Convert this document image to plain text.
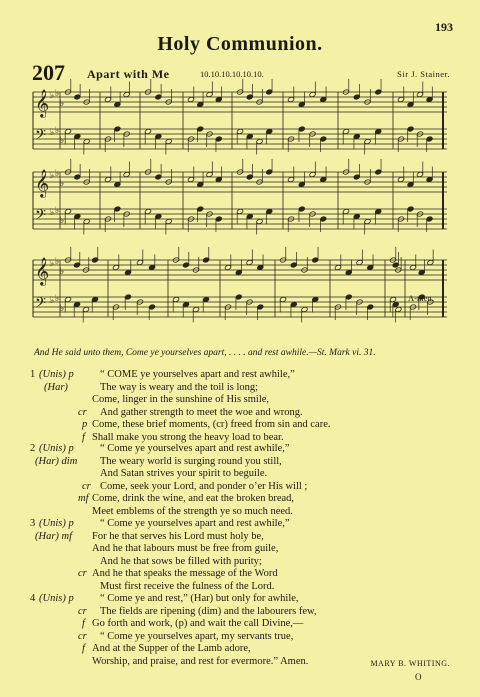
193
Holy Communion.
207 Apart with Me	10.10.10.10.10.10.	Sir J. Stainer.
𝄞 ♭ ♭
♭
𝄢 ♭ ♭
♭
𝄞 ♭ ♭
♭
𝄢 ♭ ♭
♭
𝄞 ♭ ♭
♭
𝄢 ♭ ♭
♭
A-men.
And He said unto them, Come ye yourselves apart, . . . . and rest awhile.—St. Mark vi. 31.
1 (Unis) p	“ COME ye yourselves apart and rest awhile,”
(Har)	The way is weary and the toil is long;
Come, linger in the sunshine of His smile,
cr And gather strength to meet the woe and wrong.
p Come, these brief moments, (cr) freed from sin and care.
f Shall make you strong the heavy load to bear.
2 (Unis) p	“ Come ye yourselves apart and rest awhile,”
(Har) dim The weary world is surging round you still,
And Satan strives your spirit to beguile.
cr Come, seek your Lord, and ponder o’er His will ;
mf Come, drink the wine, and eat the broken bread,
Meet emblems of the strength ye so much need.
3 (Unis) p	“ Come ye yourselves apart and rest awhile,”
(Har) mf For he that serves his Lord must holy be,
And he that labours must be free from guile,
And he that sows be filled with purity;
cr And he that speaks the message of the Word
Must first receive the fulness of the Lord.
4 (Unis) p	“ Come ye and rest,” (Har) but only for awhile,
cr The fields are ripening (dim) and the labourers few,
f Go forth and work, (p) and wait the call Divine,—
cr “ Come ye yourselves apart, my servants true,
f And at the Supper of the Lamb adore,
Worship, and praise, and rest for evermore.” Amen.	MARY B. WHITING.
O
